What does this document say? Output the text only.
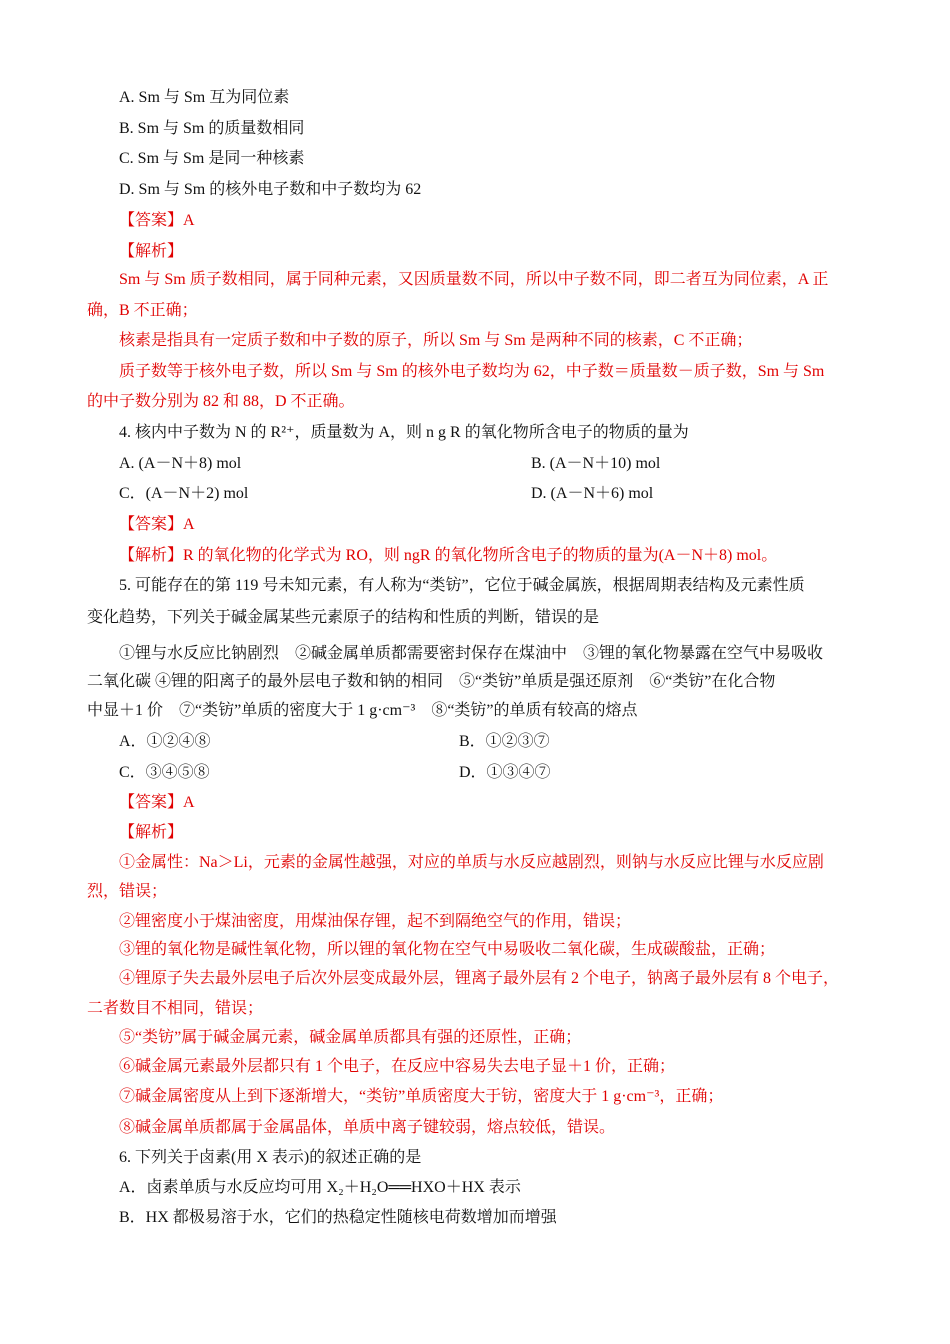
A. Sm 与 Sm 互为同位素
B. Sm 与 Sm 的质量数相同
C. Sm 与 Sm 是同一种核素
D. Sm 与 Sm 的核外电子数和中子数均为 62
【答案】A
【解析】
Sm 与 Sm 质子数相同，属于同种元素，又因质量数不同，所以中子数不同，即二者互为同位素，A 正
确，B 不正确；
核素是指具有一定质子数和中子数的原子，所以 Sm 与 Sm 是两种不同的核素，C 不正确；
质子数等于核外电子数，所以 Sm 与 Sm 的核外电子数均为 62，中子数＝质量数－质子数，Sm 与 Sm
的中子数分别为 82 和 88，D 不正确。
4. 核内中子数为 N 的 R²⁺，质量数为 A，则 n g R 的氧化物所含电子的物质的量为
A. (A－N＋8) mol	B. (A－N＋10) mol
C．(A－N＋2) mol	D. (A－N＋6) mol
【答案】A
【解析】R 的氧化物的化学式为 RO，则 ngR 的氧化物所含电子的物质的量为(A－N＋8) mol。
5. 可能存在的第 119 号未知元素，有人称为“类钫”，它位于碱金属族，根据周期表结构及元素性质
变化趋势，下列关于碱金属某些元素原子的结构和性质的判断，错误的是
①锂与水反应比钠剧烈　②碱金属单质都需要密封保存在煤油中　③锂的氧化物暴露在空气中易吸收
二氧化碳 ④锂的阳离子的最外层电子数和钠的相同　⑤“类钫”单质是强还原剂　⑥“类钫”在化合物
中显＋1 价　⑦“类钫”单质的密度大于 1 g·cm⁻³　⑧“类钫”的单质有较高的熔点
A．①②④⑧	B．①②③⑦
C．③④⑤⑧	D．①③④⑦
【答案】A
【解析】
①金属性：Na＞Li，元素的金属性越强，对应的单质与水反应越剧烈，则钠与水反应比锂与水反应剧
烈，错误；
②锂密度小于煤油密度，用煤油保存锂，起不到隔绝空气的作用，错误；
③锂的氧化物是碱性氧化物，所以锂的氧化物在空气中易吸收二氧化碳，生成碳酸盐，正确；
④锂原子失去最外层电子后次外层变成最外层，锂离子最外层有 2 个电子，钠离子最外层有 8 个电子，
二者数目不相同，错误；
⑤“类钫”属于碱金属元素，碱金属单质都具有强的还原性，正确；
⑥碱金属元素最外层都只有 1 个电子，在反应中容易失去电子显＋1 价，正确；
⑦碱金属密度从上到下逐渐增大，“类钫”单质密度大于钫，密度大于 1 g·cm⁻³，正确；
⑧碱金属单质都属于金属晶体，单质中离子键较弱，熔点较低，错误。
6. 下列关于卤素(用 X 表示)的叙述正确的是
A．卤素单质与水反应均可用 X₂＋H₂O══HXO＋HX 表示
B．HX 都极易溶于水，它们的热稳定性随核电荷数增加而增强
